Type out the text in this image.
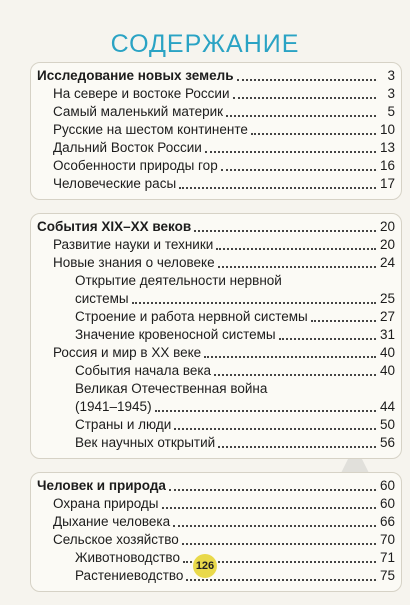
СОДЕРЖАНИЕ
Исследование новых земель	3
На севере и востоке России	3
Самый маленький материк	5
Русские на шестом континенте	10
Дальний Восток России	13
Особенности природы гор	16
Человеческие расы	17
События XIX–XX веков	20
Развитие науки и техники	20
Новые знания о человеке	24
Открытие деятельности нервной
системы	25
Строение и работа нервной системы	27
Значение кровеносной системы	31
Россия и мир в XX веке	40
События начала века	40
Великая Отечественная война
(1941–1945)	44
Страны и люди	50
Век научных открытий	56
Человек и природа	60
Охрана природы	60
Дыхание человека	66
Сельское хозяйство	70
Животноводство	71
Растениеводство	75
126
